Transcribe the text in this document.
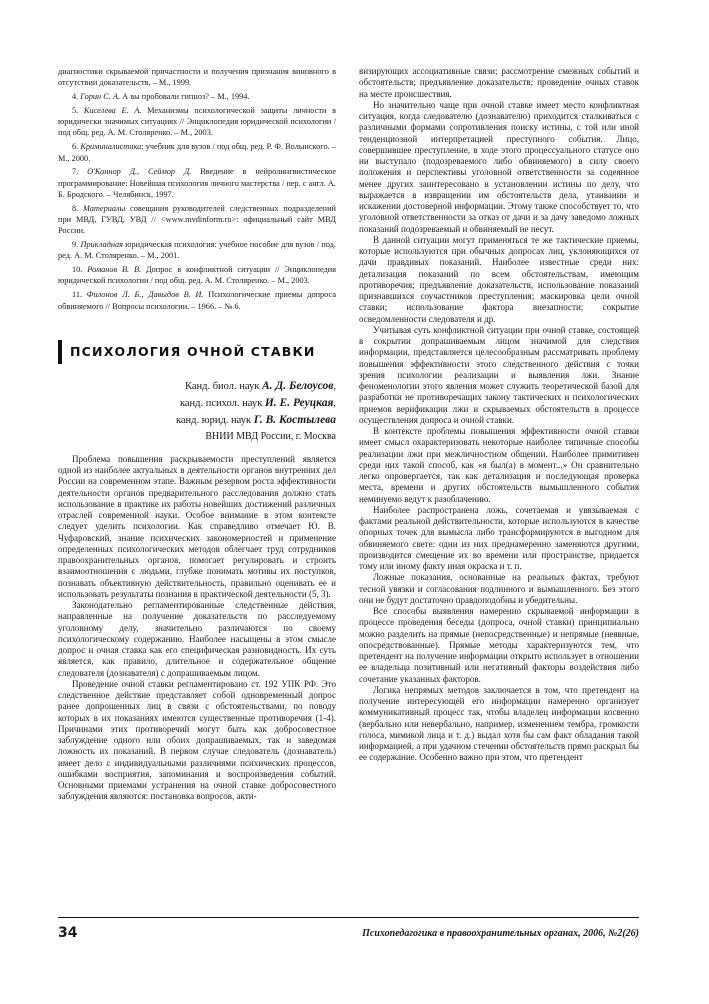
диагностики скрываемой причастности и получения признания виновного в отсутствии доказательств. – М., 1999.

4. Горин С. А. А вы пробовали гипноз? – М., 1994.

5. Киселева Е. А. Механизмы психологической защиты личности в юридически значимых ситуациях // Энциклопедия юридической психологии / под общ. ред. А. М. Столяренко. – М., 2003.

6. Криминалистика: учебник для вузов / под общ. ред. Р. Ф. Волынского. – М., 2000.

7. О'Коннор Д., Сеймор Д. Введение в нейролингвистическое программирование: Новейшая психология личного мастерства / пер. с англ. А. Б. Бродского. – Челябинск, 1997.

8. Материалы совещания руководителей следственных подразделений при МВД, ГУВД, УВД // <www.mvdinform.ru>: официальный сайт МВД России.

9. Прикладная юридическая психология: учебное пособие для вузов / под. ред. А. М. Столяренко. – М., 2001.

10. Романов В. В. Допрос в конфликтной ситуации // Энциклопедия юридической психологии / под общ. ред. А. М. Столяренко. – М., 2003.

11. Филонов Л. Б., Давыдов В. И. Психологические приемы допроса обвиняемого // Вопросы психологии. – 1966. – № 6.

ПСИХОЛОГИЯ ОЧНОЙ СТАВКИ
Канд. биол. наук А. Д. Белоусов,
канд. психол. наук И. Е. Реуцкая,
канд. юрид. наук Г. В. Костылева
ВНИИ МВД России, г. Москва

Проблема повышения раскрываемости преступлений является одной из наиболее актуальных в деятельности органов внутренних дел России на современном этапе. Важным резервом роста эффективности деятельности органов предварительного расследования должно стать использование в практике их работы новейших достижений различных отраслей современной науки. Особое внимание в этом контексте следует уделить психологии. Как справедливо отмечает Ю. В. Чуфаровский, знание психических закономерностей и применение определенных психологических методов облегчает труд сотрудников правоохранительных органов, помогает регулировать и строить взаимоотношения с людьми, глубже понимать мотивы их поступков, познавать объективную действительность, правильно оценивать ее и использовать результаты познания в практической деятельности (5, 3).

Законодательно регламентированные следственные действия, направленные на получение доказательств по расследуемому уголовному делу, значительно различаются по своему психологическому содержанию. Наиболее насыщены в этом смысле допрос и очная ставка как его специфическая разновидность. Их суть является, как правило, длительное и содержательное общение следователя (дознавателя) с допрашиваемым лицом.

Проведение очной ставки регламентировано ст. 192 УПК РФ. Это следственное действие представляет собой одновременный допрос ранее допрошенных лиц в связи с обстоятельствами, по поводу которых в их показаниях имеются существенные противоречия (1-4). Причинами этих противоречий могут быть как добросовестное заблуждение одного или обоих допрашиваемых, так и заведомая ложность их показаний. В первом случае следователь (дознаватель) имеет дело с индивидуальными различиями психических процессов, ошибками восприятия, запоминания и воспроизведения событий. Основными приемами устранения на очной ставке добросовестного заблуждения являются: постановка вопросов, акти-

визирующих ассоциативные связи; рассмотрение смежных событий и обстоятельств; предъявление доказательств; проведение очных ставок на месте происшествия.

Но значительно чаще при очной ставке имеет место конфликтная ситуация, когда следователю (дознавателю) приходится сталкиваться с различными формами сопротивления поиску истины, с той или иной тенденциозной интерпретацией преступного события. Лицо, совершившее преступление, в ходе этого процессуального статусе оно ни выступало (подозреваемого либо обвиняемого) в силу своего положения и перспективы уголовной ответственности за содеянное менее других заинтересовано в установлении истины по делу, что выражается в извращении им обстоятельств дела, утаивании и искажении достоверной информации. Этому также способствует то, что уголовной ответственности за отказ от дачи и за дачу заведомо ложных показаний подозреваемый и обвиняемый не несут.

В данной ситуации могут применяться те же тактические приемы, которые используются при обычных допросах лиц, уклоняющихся от дачи правдивых показаний. Наиболее известные среди них: детализация показаний по всем обстоятельствам, имеющим противоречия; предъявление доказательств, использование показаний признавшихся соучастников преступления; маскировка цели очной ставки; использование фактора внезапности; сокрытие осведомленности следователя и др.

Учитывая суть конфликтной ситуации при очной ставке, состоящей в сокрытии допрашиваемым лицом значимой для следствия информации, представляется целесообразным рассматривать проблему повышения эффективности этого следственного действия с точки зрения психологии реализации и выявления лжи. Знание феноменологии этого явления может служить теоретической базой для разработки не противоречащих закону тактических и психологических приемов верификации лжи и скрываемых обстоятельств в процессе осуществления допроса и очной ставки.

В контексте проблемы повышения эффективности очной ставки имеет смысл охарактеризовать некоторые наиболее типичные способы реализации лжи при межличностном общении. Наиболее примитивен среди них такой способ, как «я был(а) в момент...» Он сравнительно легко опровергается, так как детализация и последующая проверка места, времени и других обстоятельств вымышленного события неминуемо ведут к разоблачению.

Наиболее распространена ложь, сочетаемая и увязываемая с фактами реальной действительности, которые используются в качестве опорных точек для вымысла либо трансформируются в выгодном для обвиняемого свете: одни из них преднамеренно заменяются другими, производится смещение их во времени или пространстве, придается тому или иному факту иная окраска и т. п.

Ложные показания, основанные на реальных фактах, требуют тесной увязки и согласования подлинного и вымышленного. Без этого они не будут достаточно правдоподобны и убедительны.

Все способы выявления намеренно скрываемой информации в процессе проведения беседы (допроса, очной ставки) принципиально можно разделить на прямые (непосредственные) и непрямые (неявные, опосредствованные). Прямые методы характеризуются тем, что претендент на получение информации открыто использует в отношении ее владельца позитивный или негативный факторы воздействия либо сочетание указанных факторов.

Логика непрямых методов заключается в том, что претендент на получение интересующей его информации намеренно организует коммуникативный процесс так, чтобы владелец информации косвенно (вербально или невербально, например, изменением тембра, громкости голоса, мимикой лица и т. д.) выдал хотя бы сам факт обладания такой информацией, а при удачном стечении обстоятельств прямо раскрыл бы ее содержание. Особенно важно при этом, что претендент

34	Психопедагогика в правоохранительных органах, 2006, №2(26)
